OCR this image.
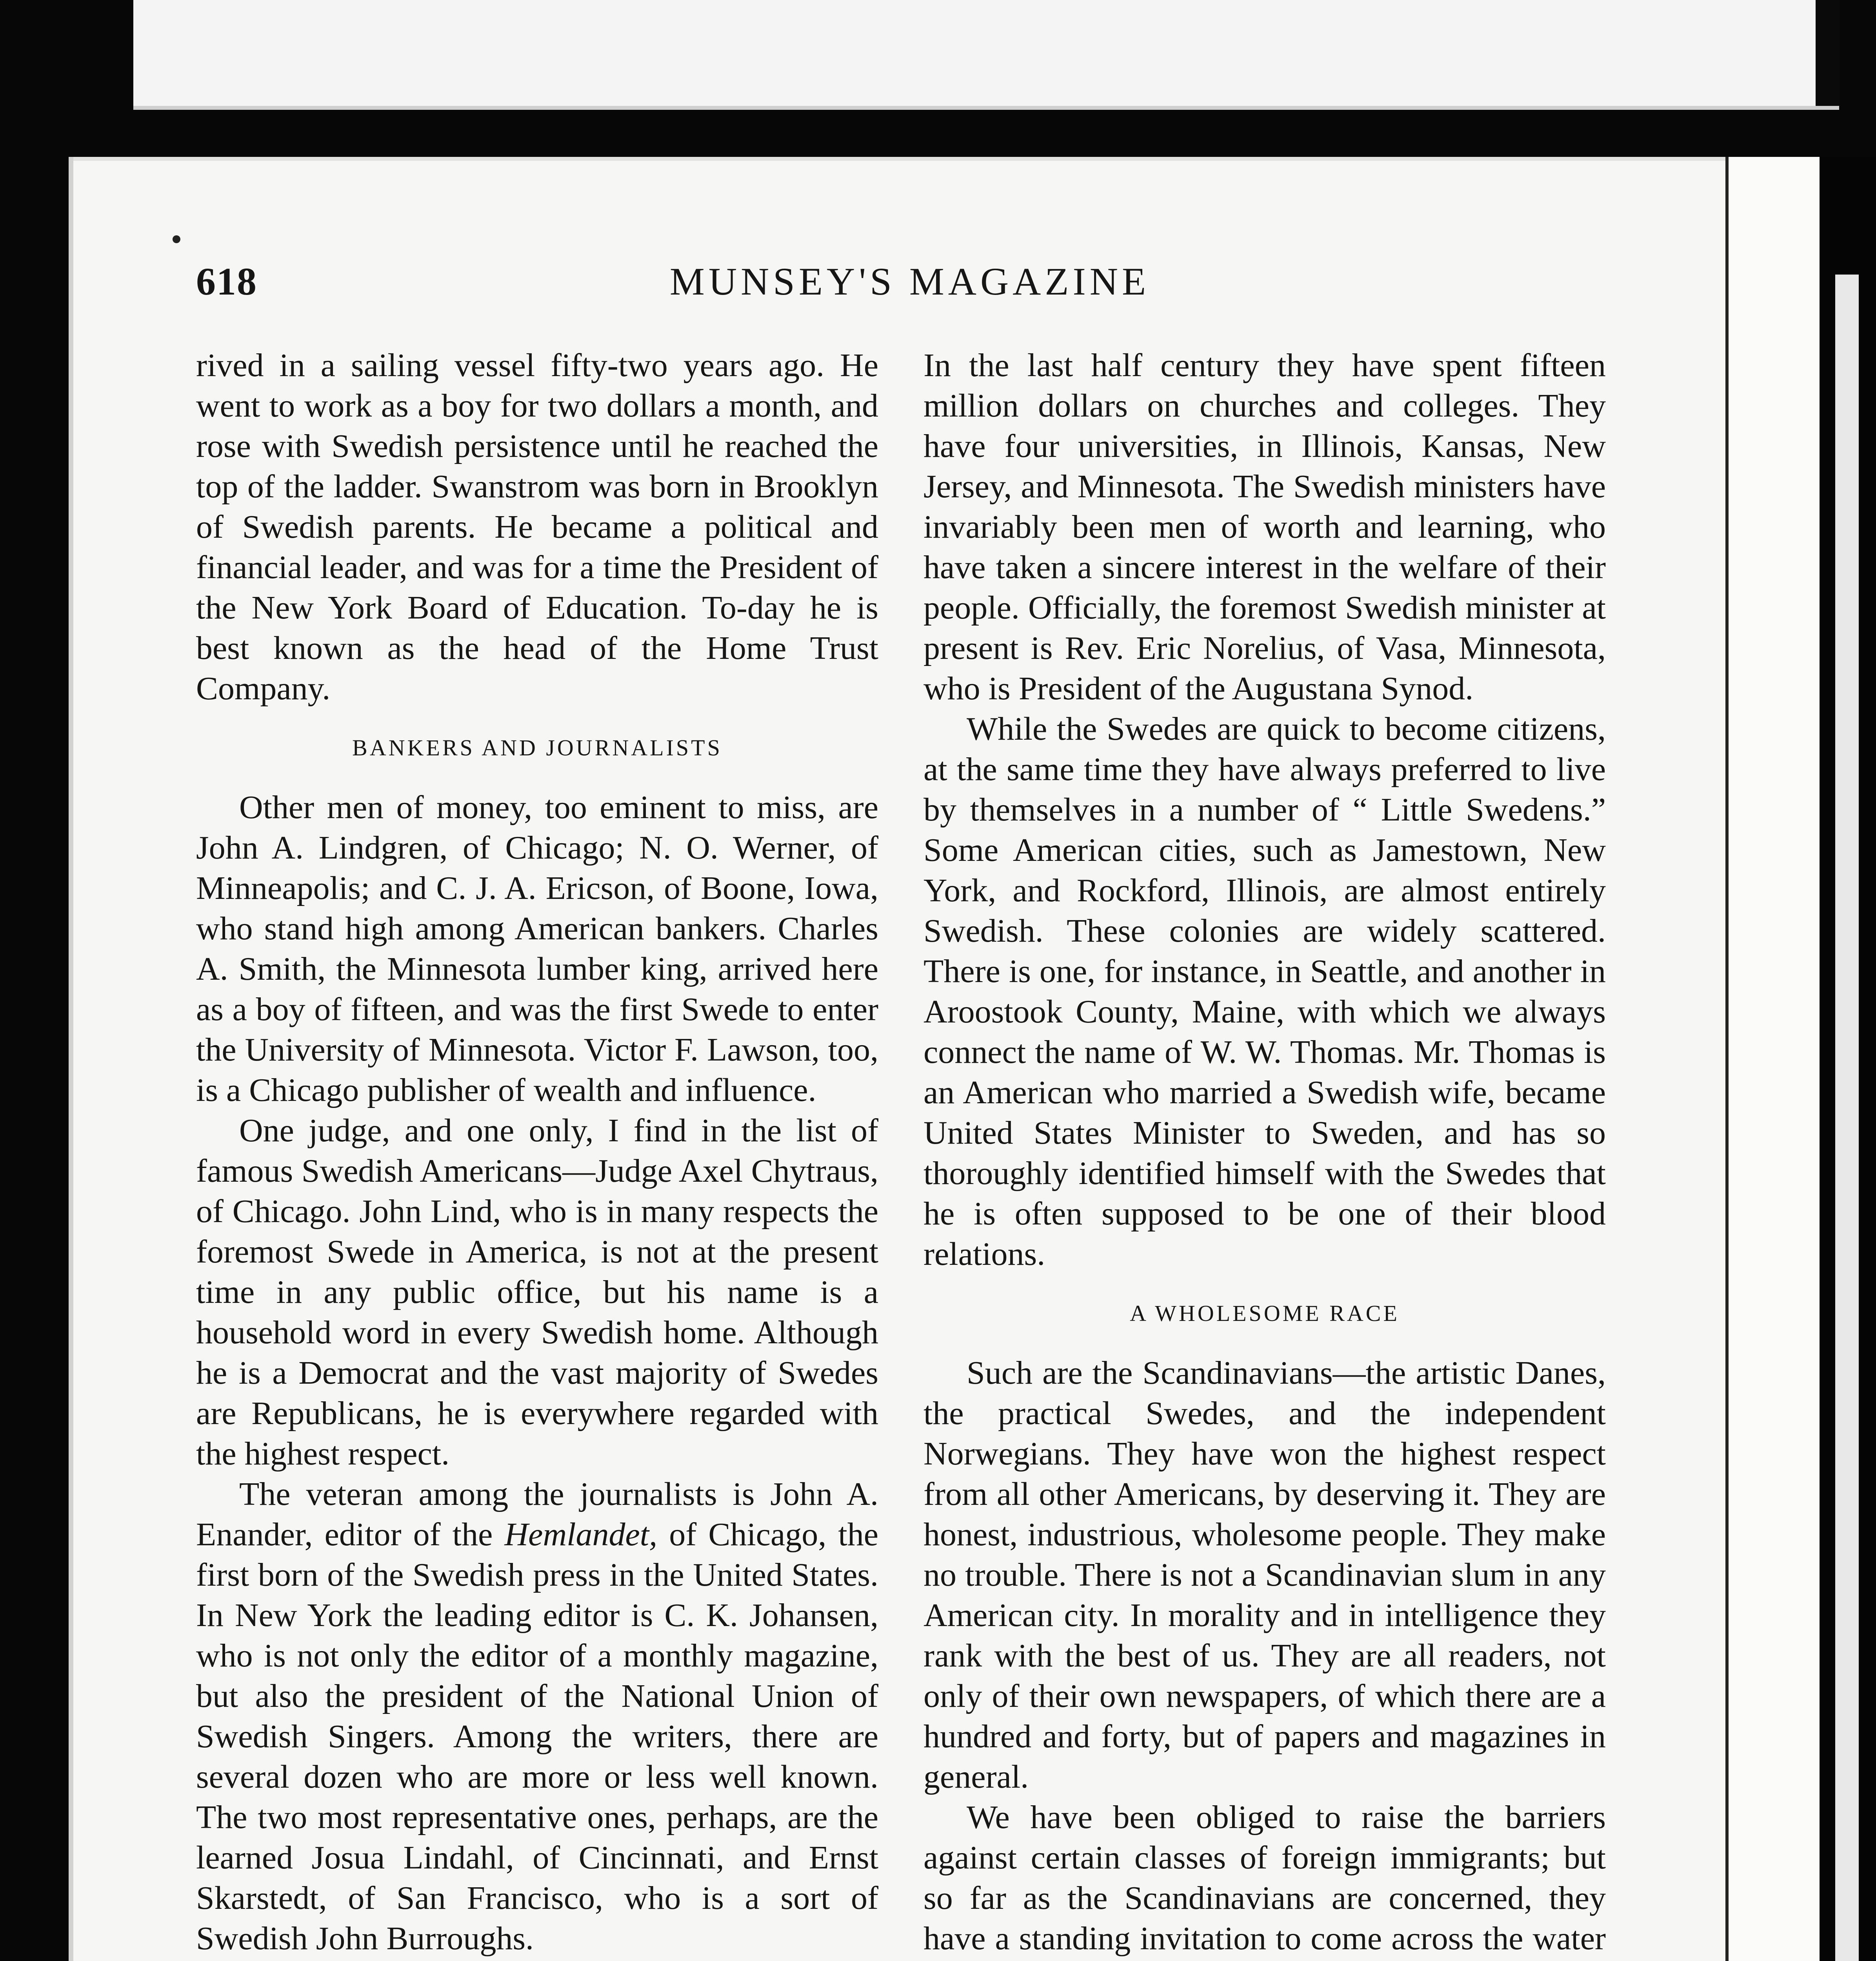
618	MUNSEY'S MAGAZINE

rived in a sailing vessel fifty-two years ago. He went to work as a boy for two dollars a month, and rose with Swedish persistence until he reached the top of the ladder. Swanstrom was born in Brooklyn of Swedish parents. He became a political and financial leader, and was for a time the President of the New York Board of Education. To-day he is best known as the head of the Home Trust Company.

BANKERS AND JOURNALISTS

Other men of money, too eminent to miss, are John A. Lindgren, of Chicago; N. O. Werner, of Minneapolis; and C. J. A. Ericson, of Boone, Iowa, who stand high among American bankers. Charles A. Smith, the Minnesota lumber king, arrived here as a boy of fifteen, and was the first Swede to enter the University of Minnesota. Victor F. Lawson, too, is a Chicago publisher of wealth and influence.

One judge, and one only, I find in the list of famous Swedish Americans—Judge Axel Chytraus, of Chicago. John Lind, who is in many respects the foremost Swede in America, is not at the present time in any public office, but his name is a household word in every Swedish home. Although he is a Democrat and the vast majority of Swedes are Republicans, he is everywhere regarded with the highest respect.

The veteran among the journalists is John A. Enander, editor of the Hemlandet, of Chicago, the first born of the Swedish press in the United States. In New York the leading editor is C. K. Johansen, who is not only the editor of a monthly magazine, but also the president of the National Union of Swedish Singers. Among the writers, there are several dozen who are more or less well known. The two most representative ones, perhaps, are the learned Josua Lindahl, of Cincinnati, and Ernst Skarstedt, of San Francisco, who is a sort of Swedish John Burroughs.

In the last half century they have spent fifteen million dollars on churches and colleges. They have four universities, in Illinois, Kansas, New Jersey, and Minnesota. The Swedish ministers have invariably been men of worth and learning, who have taken a sincere interest in the welfare of their people. Officially, the foremost Swedish minister at present is Rev. Eric Norelius, of Vasa, Minnesota, who is President of the Augustana Synod.

While the Swedes are quick to become citizens, at the same time they have always preferred to live by themselves in a number of “ Little Swedens.” Some American cities, such as Jamestown, New York, and Rockford, Illinois, are almost entirely Swedish. These colonies are widely scattered. There is one, for instance, in Seattle, and another in Aroostook County, Maine, with which we always connect the name of W. W. Thomas. Mr. Thomas is an American who married a Swedish wife, became United States Minister to Sweden, and has so thoroughly identified himself with the Swedes that he is often supposed to be one of their blood relations.

A WHOLESOME RACE

Such are the Scandinavians—the artistic Danes, the practical Swedes, and the independent Norwegians. They have won the highest respect from all other Americans, by deserving it. They are honest, industrious, wholesome people. They make no trouble. There is not a Scandinavian slum in any American city. In morality and in intelligence they rank with the best of us. They are all readers, not only of their own newspapers, of which there are a hundred and forty, but of papers and magazines in general.

We have been obliged to raise the barriers against certain classes of foreign immigrants; but so far as the Scandinavians are concerned, they have a standing invitation to come across the water
